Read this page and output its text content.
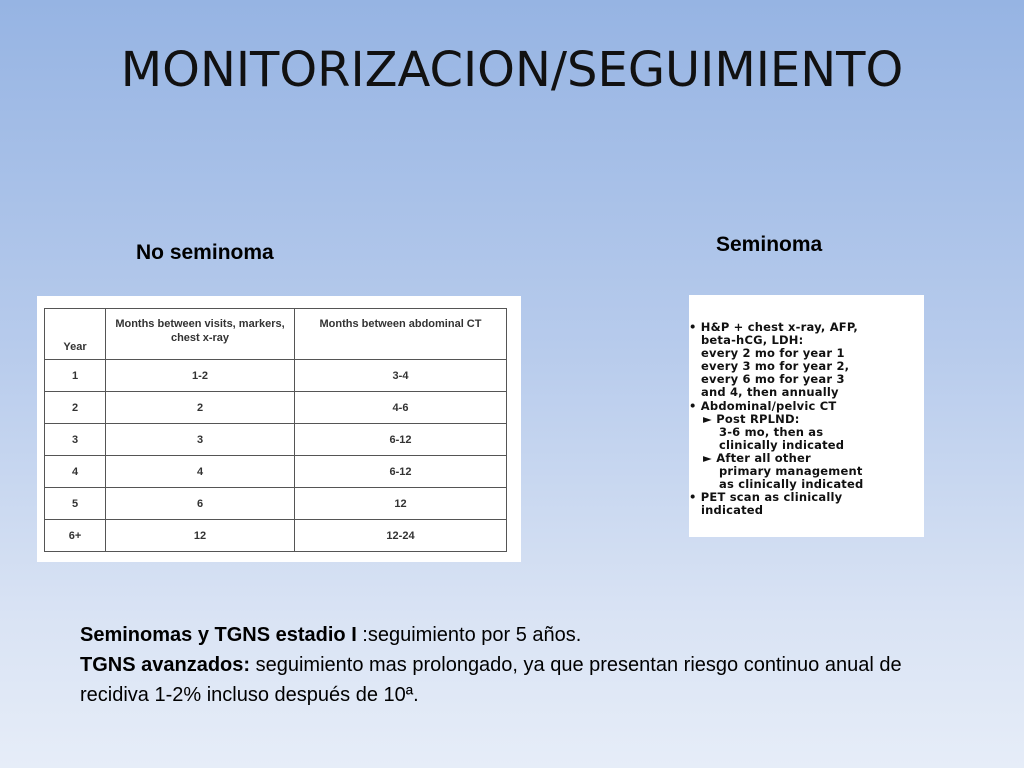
MONITORIZACION/SEGUIMIENTO
No seminoma	Seminoma
Year	Months between visits, markers, chest x-ray	Months between abdominal CT
1	1-2	3-4
2	2	4-6
3	3	6-12
4	4	6-12
5	6	12
6+	12	12-24
• H&P + chest x-ray, AFP,
beta-hCG, LDH:
every 2 mo for year 1
every 3 mo for year 2,
every 6 mo for year 3
and 4, then annually
• Abdominal/pelvic CT
► Post RPLND:
3-6 mo, then as
clinically indicated
► After all other
primary management
as clinically indicated
• PET scan as clinically
indicated
Seminomas y TGNS estadio I :seguimiento por 5 años.
TGNS avanzados: seguimiento mas prolongado, ya que presentan riesgo continuo anual de recidiva 1-2% incluso después de 10ª.
